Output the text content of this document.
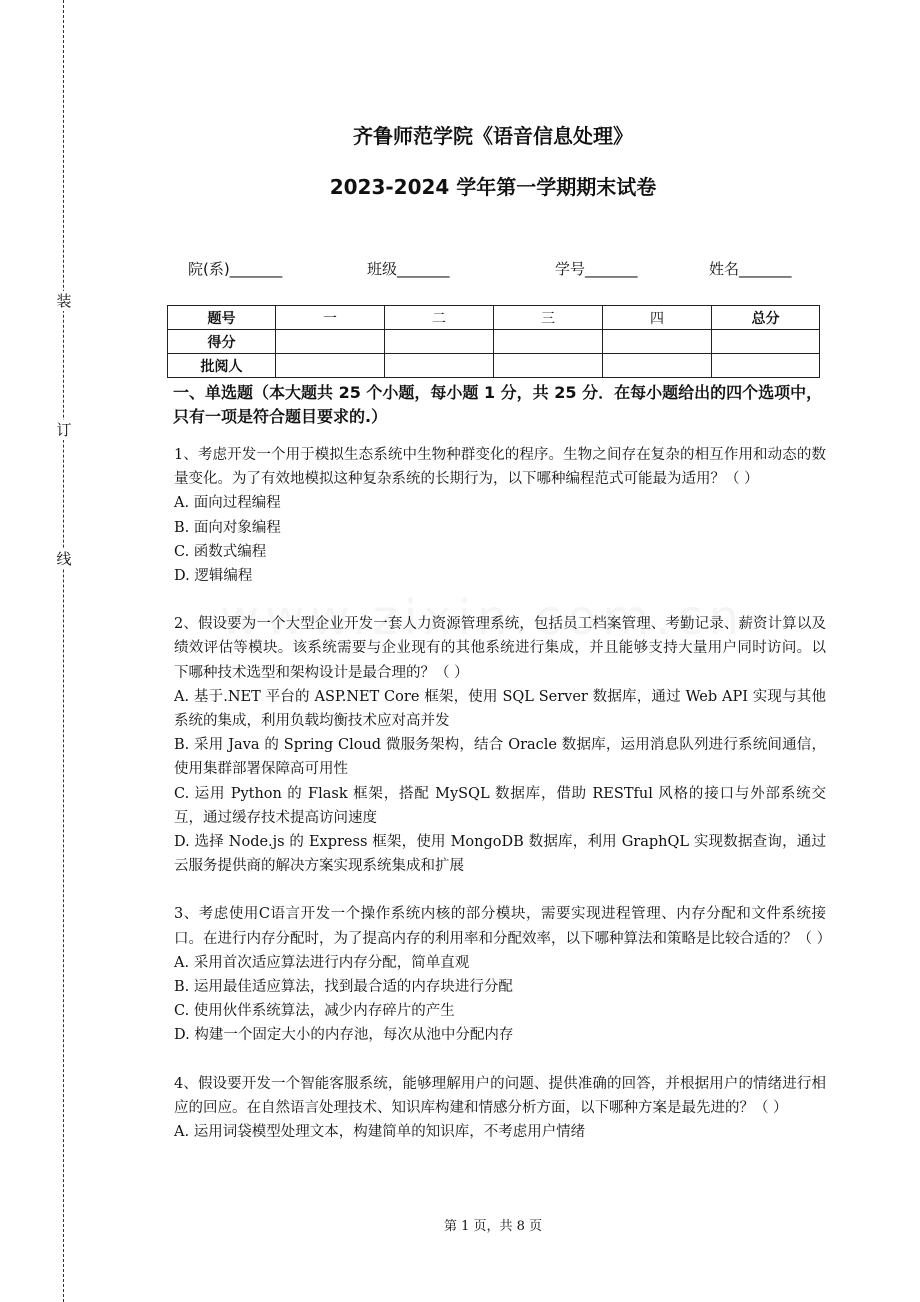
装
订
线
齐鲁师范学院《语音信息处理》
2023-2024 学年第一学期期末试卷
院(系)_______	班级_______	学号_______	姓名_______
题号	一	二	三	四	总分
得分					
批阅人					
一、单选题（本大题共 25 个小题，每小题 1 分，共 25 分．在每小题给出的四个选项中，只有一项是符合题目要求的.）
1、考虑开发一个用于模拟生态系统中生物种群变化的程序。生物之间存在复杂的相互作用和动态的数量变化。为了有效地模拟这种复杂系统的长期行为，以下哪种编程范式可能最为适用？（ ）
A. 面向过程编程
B. 面向对象编程
C. 函数式编程
D. 逻辑编程
2、假设要为一个大型企业开发一套人力资源管理系统，包括员工档案管理、考勤记录、薪资计算以及绩效评估等模块。该系统需要与企业现有的其他系统进行集成，并且能够支持大量用户同时访问。以下哪种技术选型和架构设计是最合理的？（ ）
A. 基于.NET 平台的 ASP.NET Core 框架，使用 SQL Server 数据库，通过 Web API 实现与其他系统的集成，利用负载均衡技术应对高并发
B. 采用 Java 的 Spring Cloud 微服务架构，结合 Oracle 数据库，运用消息队列进行系统间通信，使用集群部署保障高可用性
C. 运用 Python 的 Flask 框架，搭配 MySQL 数据库，借助 RESTful 风格的接口与外部系统交互，通过缓存技术提高访问速度
D. 选择 Node.js 的 Express 框架，使用 MongoDB 数据库，利用 GraphQL 实现数据查询，通过云服务提供商的解决方案实现系统集成和扩展
3、考虑使用C语言开发一个操作系统内核的部分模块，需要实现进程管理、内存分配和文件系统接口。在进行内存分配时，为了提高内存的利用率和分配效率，以下哪种算法和策略是比较合适的？（ ）
A. 采用首次适应算法进行内存分配，简单直观
B. 运用最佳适应算法，找到最合适的内存块进行分配
C. 使用伙伴系统算法，减少内存碎片的产生
D. 构建一个固定大小的内存池，每次从池中分配内存
4、假设要开发一个智能客服系统，能够理解用户的问题、提供准确的回答，并根据用户的情绪进行相应的回应。在自然语言处理技术、知识库构建和情感分析方面，以下哪种方案是最先进的？（ ）
A. 运用词袋模型处理文本，构建简单的知识库，不考虑用户情绪
第 1 页，共 8 页
